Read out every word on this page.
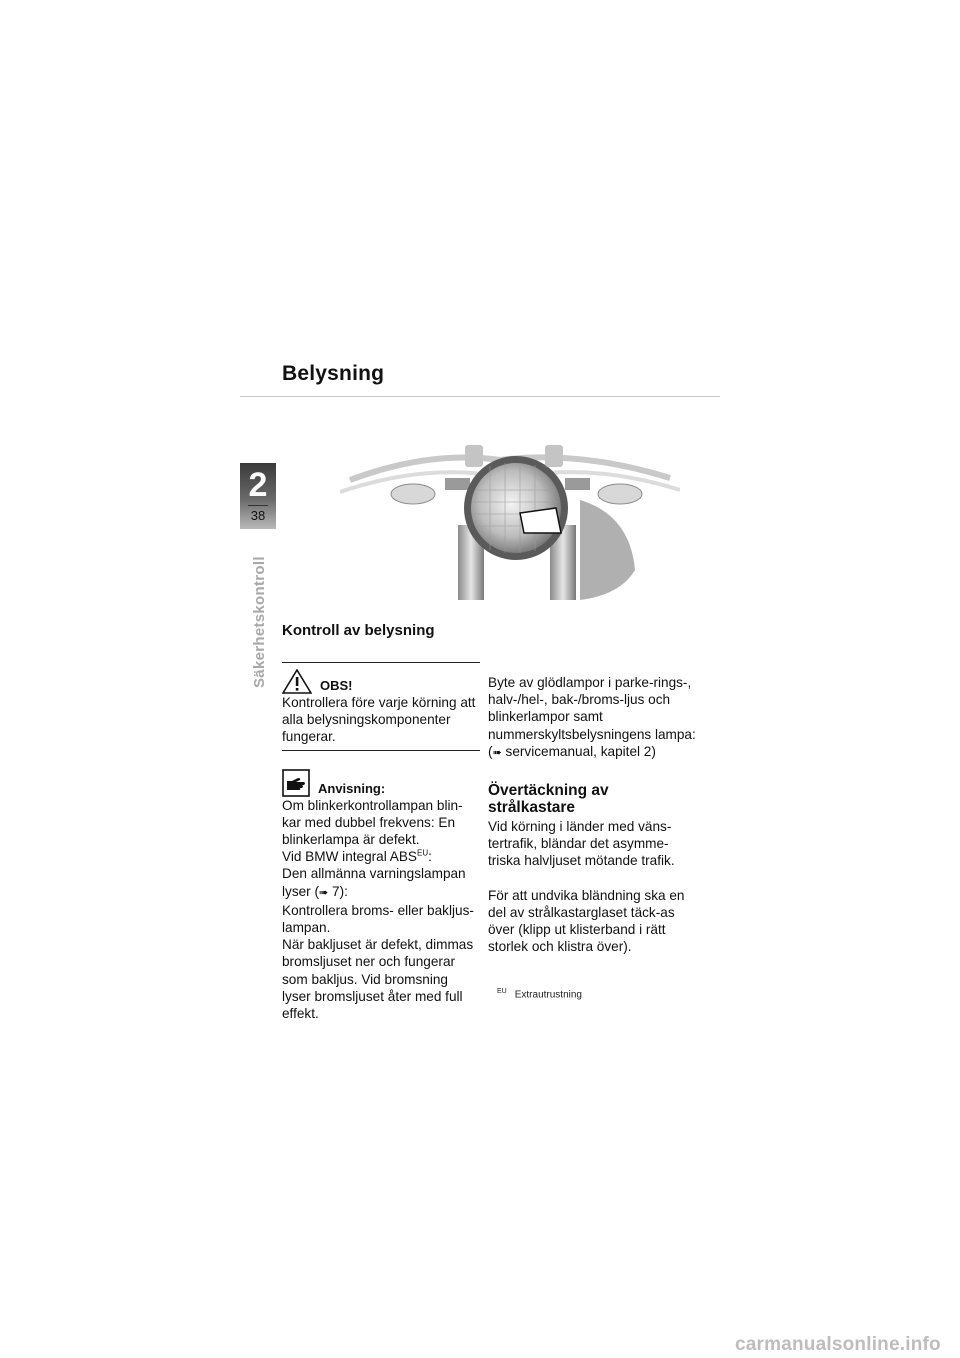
Belysning
2
38
Säkerhetskontroll Kontroll av belysning
OBS!

Kontrollera före varje körning att alla belysningskomponenter fungerar.

Anvisning:

Om blinkerkontrollampan blin-kar med dubbel frekvens: En blinkerlampa är defekt.

Vid BMW integral $ABS^{EU}$:

Den allmänna varningslampan lyser (➠ 7):

Kontrollera broms- eller bakljus-lampan.

När bakljuset är defekt, dimmas bromsljuset ner och fungerar som bakljus. Vid bromsning lyser bromsljuset åter med full effekt.

Byte av glödlampor i parke-rings-, halv-/hel-, bak-/broms-ljus och blinkerlampor samt nummerskyltsbelysningens lampa: (➠ servicemanual, kapitel 2)

Övertäckning av strålkastare

Vid körning i länder med väns-tertrafik, bländar det asymme-triska halvljuset mötande trafik.

För att undvika bländning ska en del av strålkastarglaset täck-as över (klipp ut klisterband i rätt storlek och klistra över).

$^{EU}$ Extrautrustning
carmanualsonline.info
